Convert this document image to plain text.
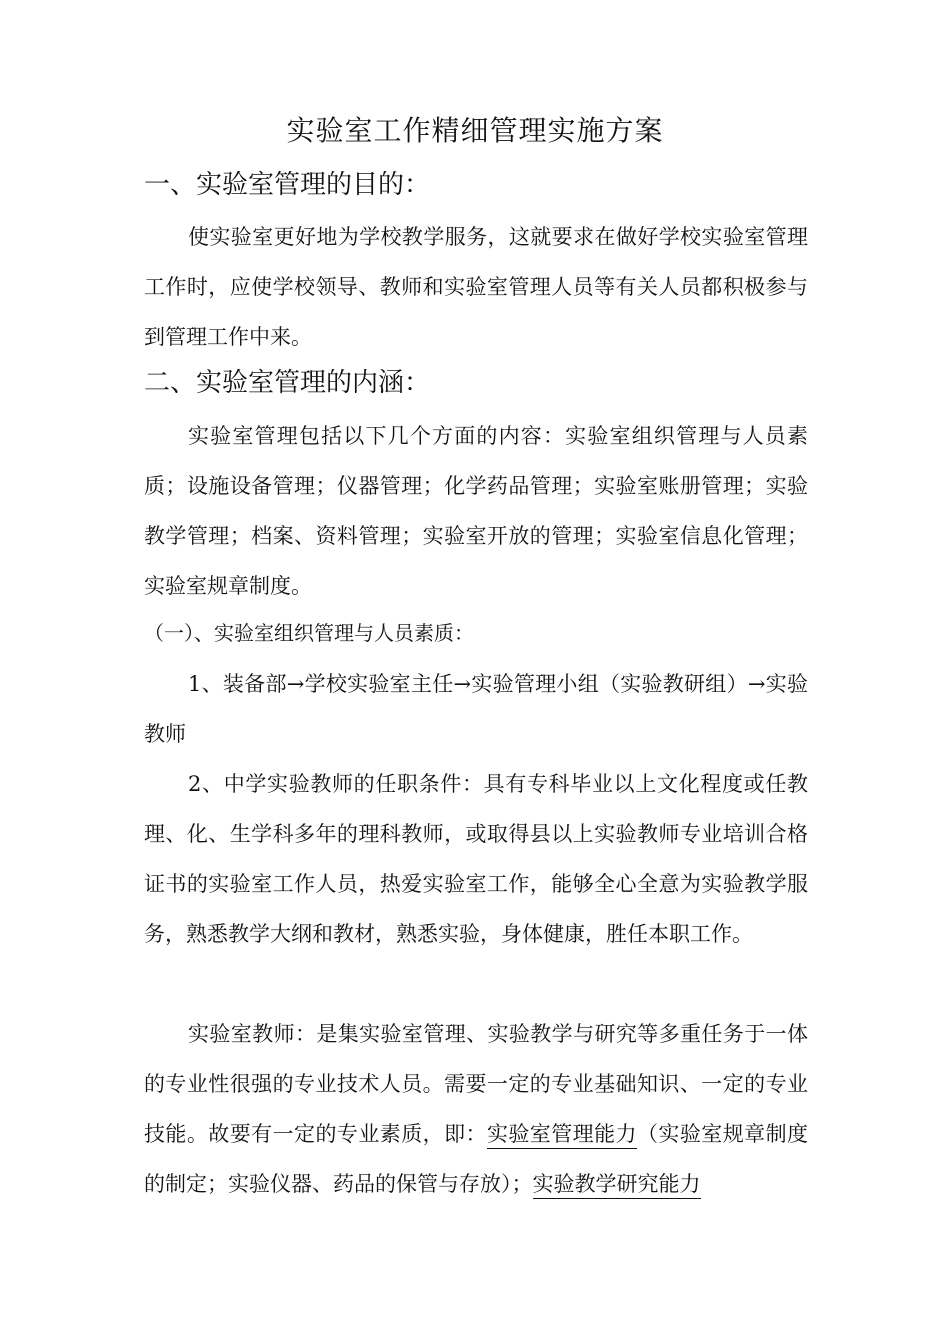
实验室工作精细管理实施方案
一、实验室管理的目的：
使实验室更好地为学校教学服务，这就要求在做好学校实验室管理工作时，应使学校领导、教师和实验室管理人员等有关人员都积极参与到管理工作中来。
二、实验室管理的内涵：
实验室管理包括以下几个方面的内容：实验室组织管理与人员素质；设施设备管理；仪器管理；化学药品管理；实验室账册管理；实验教学管理；档案、资料管理；实验室开放的管理；实验室信息化管理；实验室规章制度。
（一）、实验室组织管理与人员素质：
1、装备部→学校实验室主任→实验管理小组（实验教研组）→实验教师
2、中学实验教师的任职条件：具有专科毕业以上文化程度或任教理、化、生学科多年的理科教师，或取得县以上实验教师专业培训合格证书的实验室工作人员，热爱实验室工作，能够全心全意为实验教学服务，熟悉教学大纲和教材，熟悉实验，身体健康，胜任本职工作。
实验室教师：是集实验室管理、实验教学与研究等多重任务于一体的专业性很强的专业技术人员。需要一定的专业基础知识、一定的专业技能。故要有一定的专业素质，即：实验室管理能力（实验室规章制度的制定；实验仪器、药品的保管与存放）；实验教学研究能力
